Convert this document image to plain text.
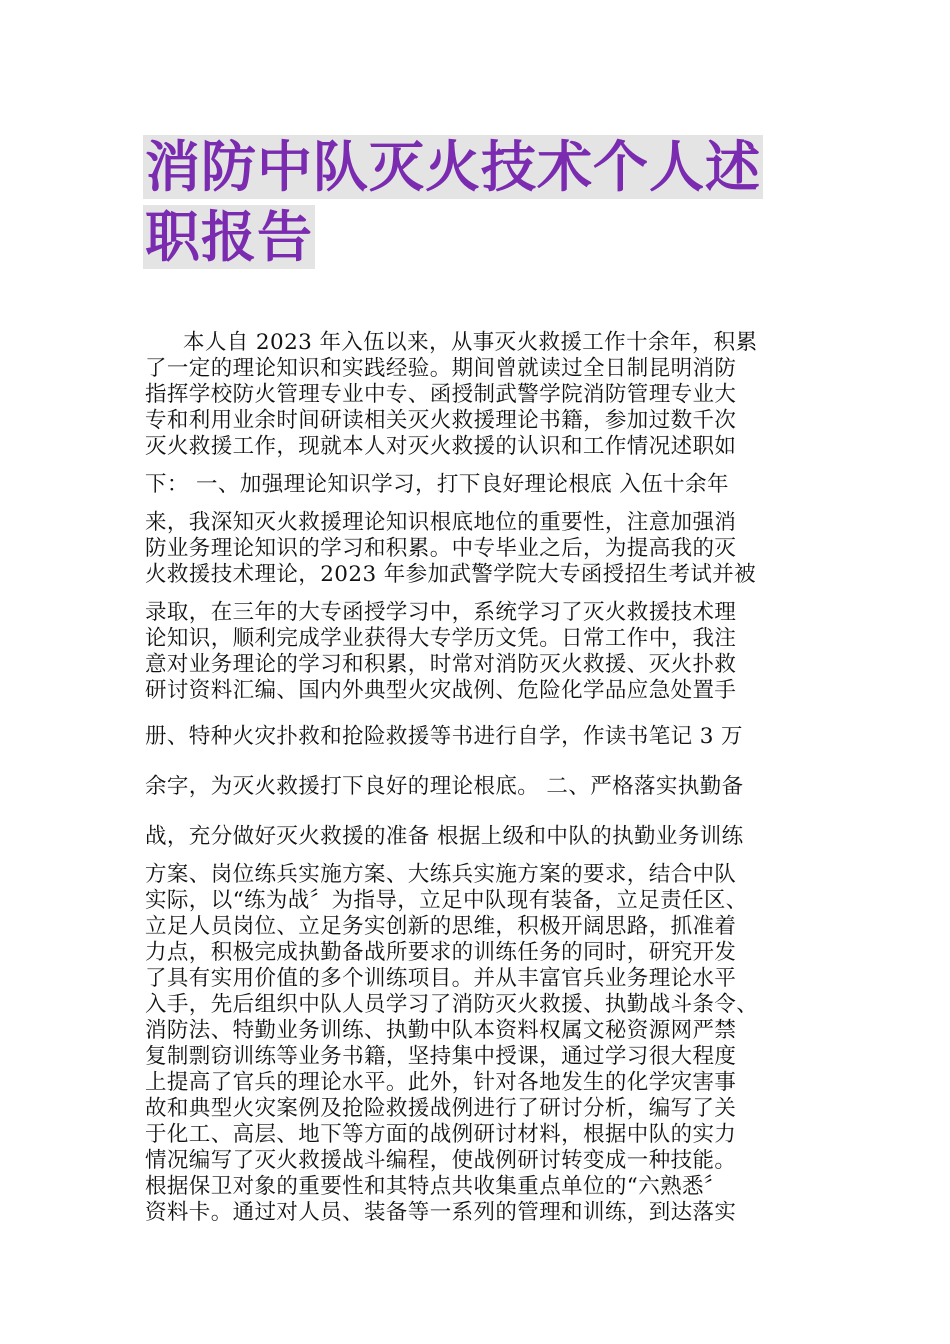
消防中队灭火技术个人述职报告
本人自 2023 年入伍以来，从事灭火救援工作十余年，积累
了一定的理论知识和实践经验。期间曾就读过全日制昆明消防
指挥学校防火管理专业中专、函授制武警学院消防管理专业大
专和利用业余时间研读相关灭火救援理论书籍，参加过数千次
灭火救援工作，现就本人对灭火救援的认识和工作情况述职如
下： 一、加强理论知识学习，打下良好理论根底 入伍十余年
来，我深知灭火救援理论知识根底地位的重要性，注意加强消
防业务理论知识的学习和积累。中专毕业之后，为提高我的灭
火救援技术理论，2023 年参加武警学院大专函授招生考试并被
录取，在三年的大专函授学习中，系统学习了灭火救援技术理
论知识，顺利完成学业获得大专学历文凭。日常工作中，我注
意对业务理论的学习和积累，时常对消防灭火救援、灭火扑救
研讨资料汇编、国内外典型火灾战例、危险化学品应急处置手
册、特种火灾扑救和抢险救援等书进行自学，作读书笔记 3 万
余字，为灭火救援打下良好的理论根底。 二、严格落实执勤备
战，充分做好灭火救援的准备 根据上级和中队的执勤业务训练
方案、岗位练兵实施方案、大练兵实施方案的要求，结合中队
实际，以“练为战〞为指导，立足中队现有装备，立足责任区、
立足人员岗位、立足务实创新的思维，积极开阔思路，抓准着
力点，积极完成执勤备战所要求的训练任务的同时，研究开发
了具有实用价值的多个训练项目。并从丰富官兵业务理论水平
入手，先后组织中队人员学习了消防灭火救援、执勤战斗条令、
消防法、特勤业务训练、执勤中队本资料权属文秘资源网严禁
复制剽窃训练等业务书籍，坚持集中授课，通过学习很大程度
上提高了官兵的理论水平。此外，针对各地发生的化学灾害事
故和典型火灾案例及抢险救援战例进行了研讨分析，编写了关
于化工、高层、地下等方面的战例研讨材料，根据中队的实力
情况编写了灭火救援战斗编程，使战例研讨转变成一种技能。
根据保卫对象的重要性和其特点共收集重点单位的“六熟悉〞
资料卡。通过对人员、装备等一系列的管理和训练，到达落实
